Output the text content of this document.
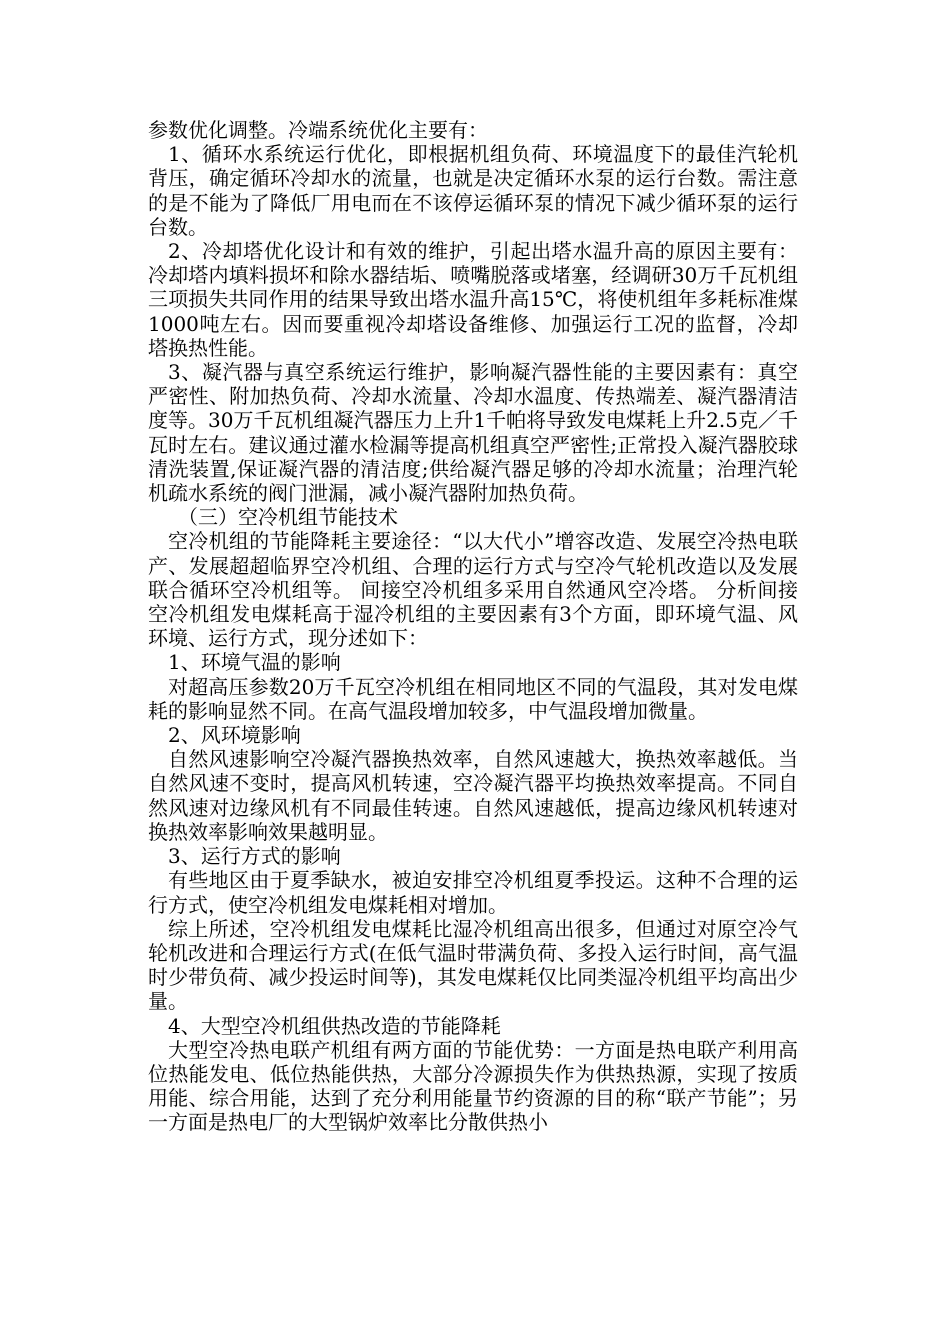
参数优化调整。冷端系统优化主要有：

1、循环水系统运行优化，即根据机组负荷、环境温度下的最佳汽轮机背压，确定循环冷却水的流量，也就是决定循环水泵的运行台数。需注意的是不能为了降低厂用电而在不该停运循环泵的情况下减少循环泵的运行台数。

2、冷却塔优化设计和有效的维护，引起出塔水温升高的原因主要有：冷却塔内填料损坏和除水器结垢、喷嘴脱落或堵塞，经调研30万千瓦机组三项损失共同作用的结果导致出塔水温升高15℃，将使机组年多耗标准煤1000吨左右。因而要重视冷却塔设备维修、加强运行工况的监督，冷却塔换热性能。

3、凝汽器与真空系统运行维护，影响凝汽器性能的主要因素有：真空严密性、附加热负荷、冷却水流量、冷却水温度、传热端差、凝汽器清洁度等。30万千瓦机组凝汽器压力上升1千帕将导致发电煤耗上升2.5克／千瓦时左右。建议通过灌水检漏等提高机组真空严密性;正常投入凝汽器胶球清洗装置,保证凝汽器的清洁度;供给凝汽器足够的冷却水流量；治理汽轮机疏水系统的阀门泄漏，减小凝汽器附加热负荷。

（三）空冷机组节能技术

空冷机组的节能降耗主要途径：“以大代小”增容改造、发展空冷热电联产、发展超超临界空冷机组、合理的运行方式与空冷气轮机改造以及发展联合循环空冷机组等。 间接空冷机组多采用自然通风空冷塔。 分析间接空冷机组发电煤耗高于湿冷机组的主要因素有3个方面，即环境气温、风环境、运行方式，现分述如下：

1、环境气温的影响

对超高压参数20万千瓦空冷机组在相同地区不同的气温段，其对发电煤耗的影响显然不同。在高气温段增加较多，中气温段增加微量。

2、风环境影响

自然风速影响空冷凝汽器换热效率，自然风速越大，换热效率越低。当自然风速不变时，提高风机转速，空冷凝汽器平均换热效率提高。不同自然风速对边缘风机有不同最佳转速。自然风速越低，提高边缘风机转速对换热效率影响效果越明显。

3、运行方式的影响

有些地区由于夏季缺水，被迫安排空冷机组夏季投运。这种不合理的运行方式，使空冷机组发电煤耗相对增加。

综上所述，空冷机组发电煤耗比湿冷机组高出很多，但通过对原空冷气轮机改进和合理运行方式(在低气温时带满负荷、多投入运行时间，高气温时少带负荷、减少投运时间等)，其发电煤耗仅比同类湿冷机组平均高出少量。

4、大型空冷机组供热改造的节能降耗

大型空冷热电联产机组有两方面的节能优势：一方面是热电联产利用高位热能发电、低位热能供热，大部分冷源损失作为供热热源，实现了按质用能、综合用能，达到了充分利用能量节约资源的目的称“联产节能”；另一方面是热电厂的大型锅炉效率比分散供热小
